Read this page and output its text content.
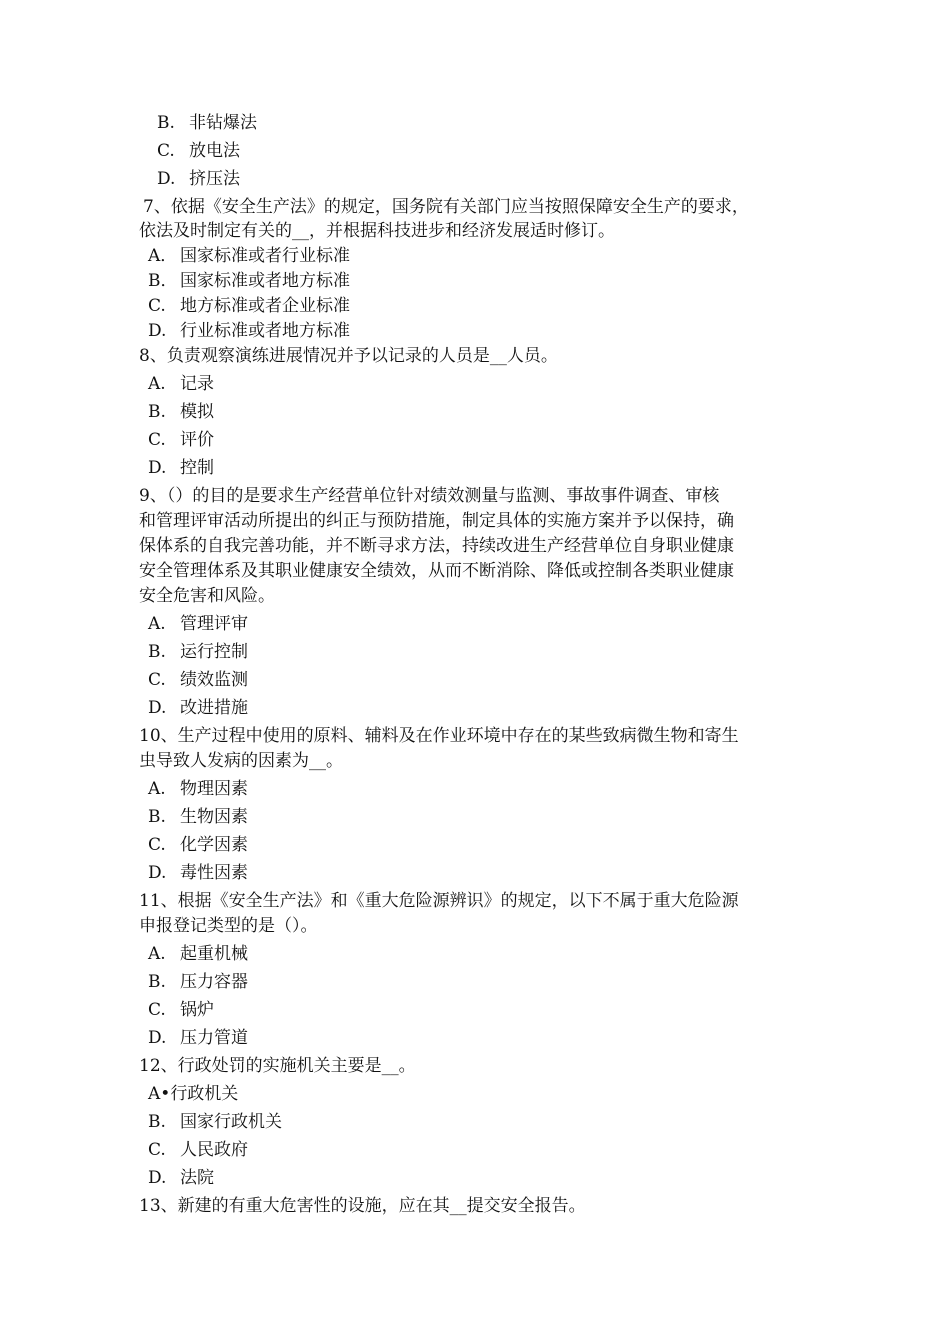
B. 非钻爆法
C. 放电法
D. 挤压法
7、依据《安全生产法》的规定，国务院有关部门应当按照保障安全生产的要求，
依法及时制定有关的__，并根据科技进步和经济发展适时修订。
A． 国家标准或者行业标准
B． 国家标准或者地方标准
C. 地方标准或者企业标准
D. 行业标准或者地方标准
8、负责观察演练进展情况并予以记录的人员是__人员。
A. 记录
B. 模拟
C. 评价
D. 控制
9、（）的目的是要求生产经营单位针对绩效测量与监测、事故事件调查、审核
和管理评审活动所提出的纠正与预防措施，制定具体的实施方案并予以保持，确
保体系的自我完善功能，并不断寻求方法，持续改进生产经营单位自身职业健康
安全管理体系及其职业健康安全绩效，从而不断消除、降低或控制各类职业健康
安全危害和风险。
A. 管理评审
B. 运行控制
C. 绩效监测
D. 改进措施
10、生产过程中使用的原料、辅料及在作业环境中存在的某些致病微生物和寄生
虫导致人发病的因素为__。
A. 物理因素
B. 生物因素
C. 化学因素
D. 毒性因素
11、根据《安全生产法》和《重大危险源辨识》的规定，以下不属于重大危险源
申报登记类型的是（）。
A. 起重机械
B. 压力容器
C. 锅炉
D. 压力管道
12、行政处罚的实施机关主要是__。
A•行政机关
B. 国家行政机关
C. 人民政府
D. 法院
13、新建的有重大危害性的设施，应在其__提交安全报告。
